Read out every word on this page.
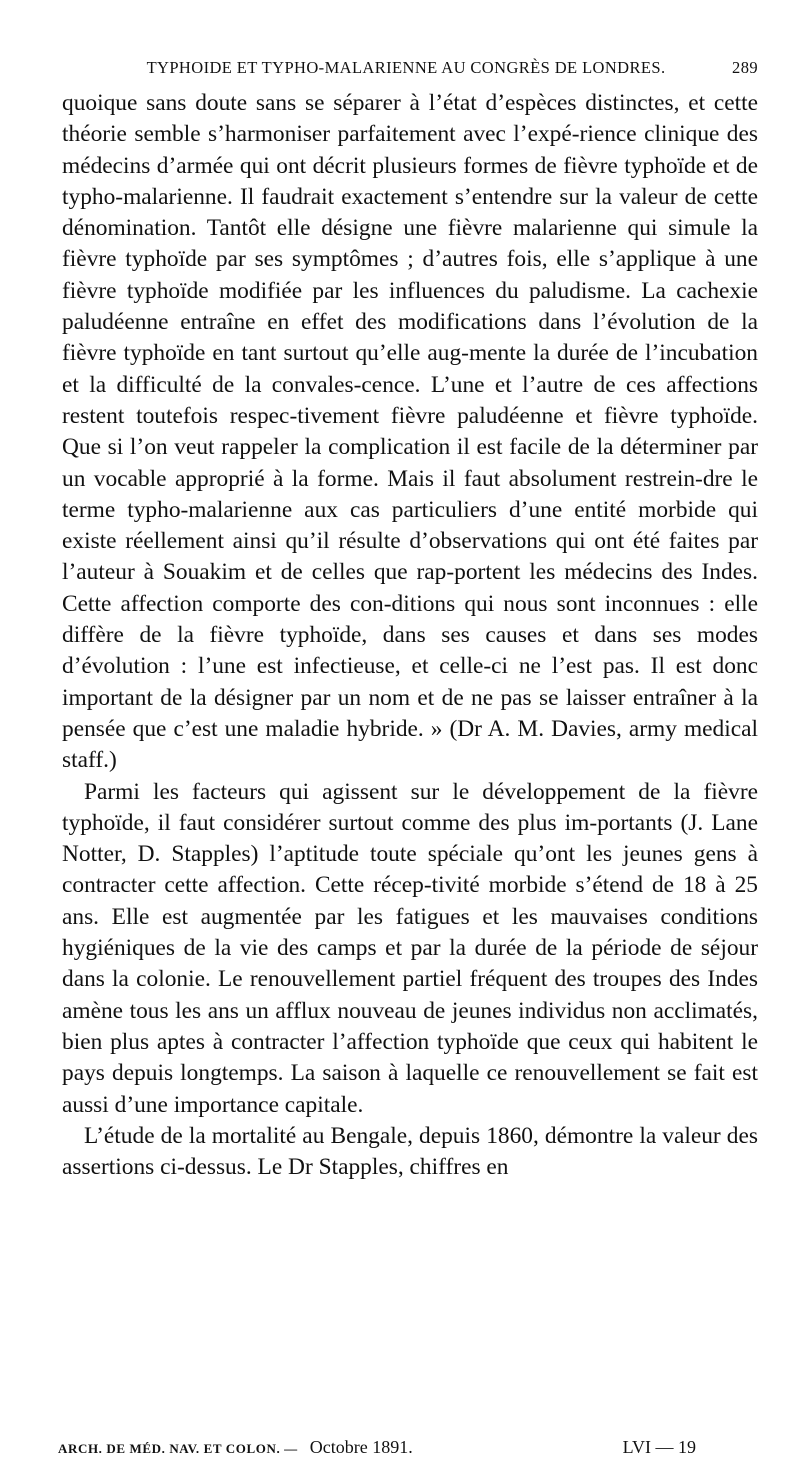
TYPHOIDE ET TYPHO-MALARIENNE AU CONGRÈS DE LONDRES.	289

quoique sans doute sans se séparer à l’état d’espèces distinctes, et cette théorie semble s’harmoniser parfaitement avec l’expé-rience clinique des médecins d’armée qui ont décrit plusieurs formes de fièvre typhoïde et de typho-malarienne. Il faudrait exactement s’entendre sur la valeur de cette dénomination. Tantôt elle désigne une fièvre malarienne qui simule la fièvre typhoïde par ses symptômes ; d’autres fois, elle s’applique à une fièvre typhoïde modifiée par les influences du paludisme. La cachexie paludéenne entraîne en effet des modifications dans l’évolution de la fièvre typhoïde en tant surtout qu’elle aug-mente la durée de l’incubation et la difficulté de la convales-cence. L’une et l’autre de ces affections restent toutefois respec-tivement fièvre paludéenne et fièvre typhoïde. Que si l’on veut rappeler la complication il est facile de la déterminer par un vocable approprié à la forme. Mais il faut absolument restrein-dre le terme typho-malarienne aux cas particuliers d’une entité morbide qui existe réellement ainsi qu’il résulte d’observations qui ont été faites par l’auteur à Souakim et de celles que rap-portent les médecins des Indes. Cette affection comporte des con-ditions qui nous sont inconnues : elle diffère de la fièvre typhoïde, dans ses causes et dans ses modes d’évolution : l’une est infectieuse, et celle-ci ne l’est pas. Il est donc important de la désigner par un nom et de ne pas se laisser entraîner à la pensée que c’est une maladie hybride. » (Dr A. M. Davies, army medical staff.)

Parmi les facteurs qui agissent sur le développement de la fièvre typhoïde, il faut considérer surtout comme des plus im-portants (J. Lane Notter, D. Stapples) l’aptitude toute spéciale qu’ont les jeunes gens à contracter cette affection. Cette récep-tivité morbide s’étend de 18 à 25 ans. Elle est augmentée par les fatigues et les mauvaises conditions hygiéniques de la vie des camps et par la durée de la période de séjour dans la colonie. Le renouvellement partiel fréquent des troupes des Indes amène tous les ans un afflux nouveau de jeunes individus non acclimatés, bien plus aptes à contracter l’affection typhoïde que ceux qui habitent le pays depuis longtemps. La saison à laquelle ce renouvellement se fait est aussi d’une importance capitale.

L’étude de la mortalité au Bengale, depuis 1860, démontre la valeur des assertions ci-dessus. Le Dr Stapples, chiffres en

ARCH. DE MÉD. NAV. ET COLON. — Octobre 1891.	LVI — 19
